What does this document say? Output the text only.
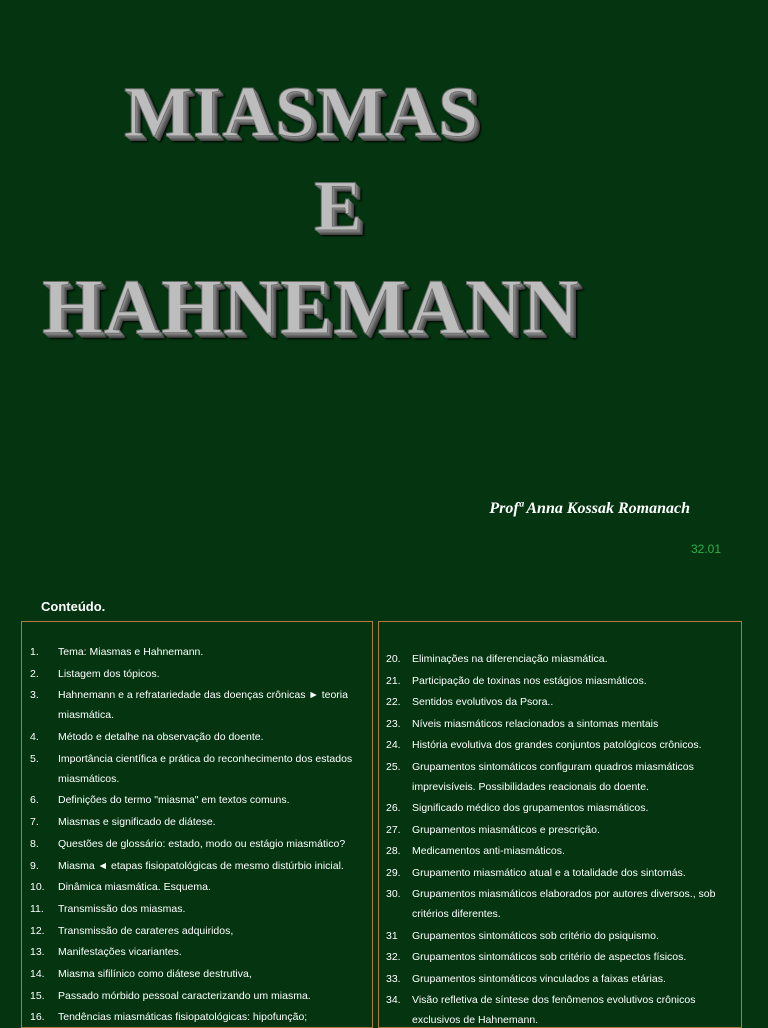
MIASMAS
E
HAHNEMANN

Profª Anna Kossak Romanach

32.01

Conteúdo.

1.	Tema: Miasmas e Hahnemann.
2.	Listagem dos tópicos.
3.	Hahnemann e a refratariedade das doenças crônicas ► teoria miasmática.
4.	Método e detalhe na observação do doente.
5.	Importância científica e prática do reconhecimento dos estados miasmáticos.
6.	Definições do termo "miasma" em textos comuns.
7.	Miasmas e significado de diátese.
8.	Questões de glossário: estado, modo ou estágio miasmático?
9.	Miasma ◄ etapas fisiopatológicas de mesmo distúrbio inicial.
10.	Dinâmica miasmática. Esquema.
11.	Transmissão dos miasmas.
12.	Transmissão de carateres adquiridos,
13.	Manifestações vicariantes.
14.	Miasma sifilínico como diátese destrutiva,
15.	Passado mórbido pessoal caracterizando um miasma.
16.	Tendências miasmáticas fisiopatológicas: hipofunção;
20.	Eliminações na diferenciação miasmática.
21.	Participação de toxinas nos estágios miasmáticos.
22.	Sentidos evolutivos da Psora..
23.	Níveis miasmáticos relacionados a sintomas mentais
24.	História evolutiva dos grandes conjuntos patológicos crônicos.
25.	Grupamentos sintomáticos configuram quadros miasmáticos imprevisíveis. Possibilidades reacionais do doente.
26.	Significado médico dos grupamentos miasmáticos.
27.	Grupamentos miasmáticos e prescrição.
28.	Medicamentos anti-miasmáticos.
29.	Grupamento miasmático atual e a totalidade dos sintomás.
30.	Grupamentos miasmáticos elaborados por autores diversos., sob critérios diferentes.
31	Grupamentos sintomáticos sob critério do psiquismo.
32.	Grupamentos sintomáticos sob critério de aspectos físicos.
33.	Grupamentos sintomáticos vinculados a faixas etárias.
34.	Visão refletiva de síntese dos fenômenos evolutivos crônicos exclusivos de Hahnemann.
